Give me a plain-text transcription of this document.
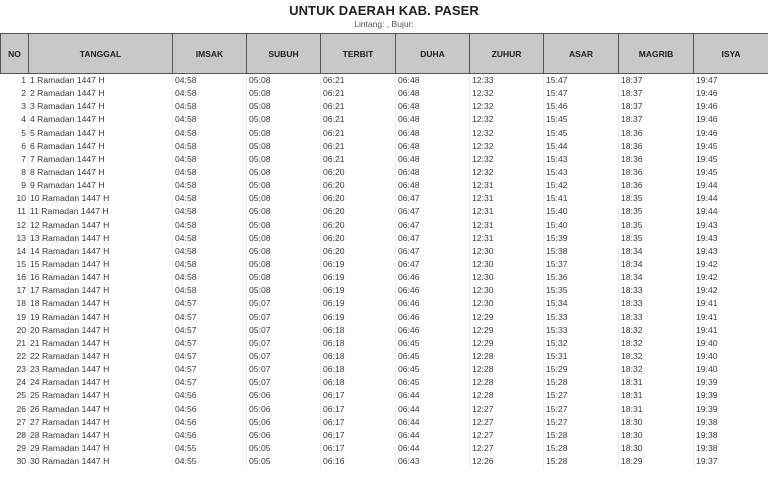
UNTUK DAERAH KAB. PASER
Lintang: , Bujur:
NO	TANGGAL	IMSAK	SUBUH	TERBIT	DUHA	ZUHUR	ASAR	MAGRIB	ISYA
1	1 Ramadan 1447 H	04:58	05:08	06:21	06:48	12:33	15:47	18:37	19:47
2	2 Ramadan 1447 H	04:58	05:08	06:21	06:48	12:32	15:47	18:37	19:46
3	3 Ramadan 1447 H	04:58	05:08	06:21	06:48	12:32	15:46	18:37	19:46
4	4 Ramadan 1447 H	04:58	05:08	06:21	06:48	12:32	15:45	18:37	19:46
5	5 Ramadan 1447 H	04:58	05:08	06:21	06:48	12:32	15:45	18:36	19:46
6	6 Ramadan 1447 H	04:58	05:08	06:21	06:48	12:32	15:44	18:36	19:45
7	7 Ramadan 1447 H	04:58	05:08	06:21	06:48	12:32	15:43	18:36	19:45
8	8 Ramadan 1447 H	04:58	05:08	06:20	06:48	12:32	15:43	18:36	19:45
9	9 Ramadan 1447 H	04:58	05:08	06:20	06:48	12:31	15:42	18:36	19:44
10	10 Ramadan 1447 H	04:58	05:08	06:20	06:47	12:31	15:41	18:35	19:44
11	11 Ramadan 1447 H	04:58	05:08	06:20	06:47	12:31	15:40	18:35	19:44
12	12 Ramadan 1447 H	04:58	05:08	06:20	06:47	12:31	15:40	18:35	19:43
13	13 Ramadan 1447 H	04:58	05:08	06:20	06:47	12:31	15:39	18:35	19:43
14	14 Ramadan 1447 H	04:58	05:08	06:20	06:47	12:30	15:38	18:34	19:43
15	15 Ramadan 1447 H	04:58	05:08	06:19	06:47	12:30	15:37	18:34	19:42
16	16 Ramadan 1447 H	04:58	05:08	06:19	06:46	12:30	15:36	18:34	19:42
17	17 Ramadan 1447 H	04:58	05:08	06:19	06:46	12:30	15:35	18:33	19:42
18	18 Ramadan 1447 H	04:57	05:07	06:19	06:46	12:30	15:34	18:33	19:41
19	19 Ramadan 1447 H	04:57	05:07	06:19	06:46	12:29	15:33	18:33	19:41
20	20 Ramadan 1447 H	04:57	05:07	06:18	06:46	12:29	15:33	18:32	19:41
21	21 Ramadan 1447 H	04:57	05:07	06:18	06:45	12:29	15:32	18:32	19:40
22	22 Ramadan 1447 H	04:57	05:07	06:18	06:45	12:28	15:31	18:32	19:40
23	23 Ramadan 1447 H	04:57	05:07	06:18	06:45	12:28	15:29	18:32	19:40
24	24 Ramadan 1447 H	04:57	05:07	06:18	06:45	12:28	15:28	18:31	19:39
25	25 Ramadan 1447 H	04:56	05:06	06:17	06:44	12:28	15:27	18:31	19:39
26	26 Ramadan 1447 H	04:56	05:06	06:17	06:44	12:27	15:27	18:31	19:39
27	27 Ramadan 1447 H	04:56	05:06	06:17	06:44	12:27	15:27	18:30	19:38
28	28 Ramadan 1447 H	04:56	05:06	06:17	06:44	12:27	15:28	18:30	19:38
29	29 Ramadan 1447 H	04:55	05:05	06:17	06:44	12:27	15:28	18:30	19:38
30	30 Ramadan 1447 H	04:55	05:05	06:16	06:43	12:26	15:28	18:29	19:37
